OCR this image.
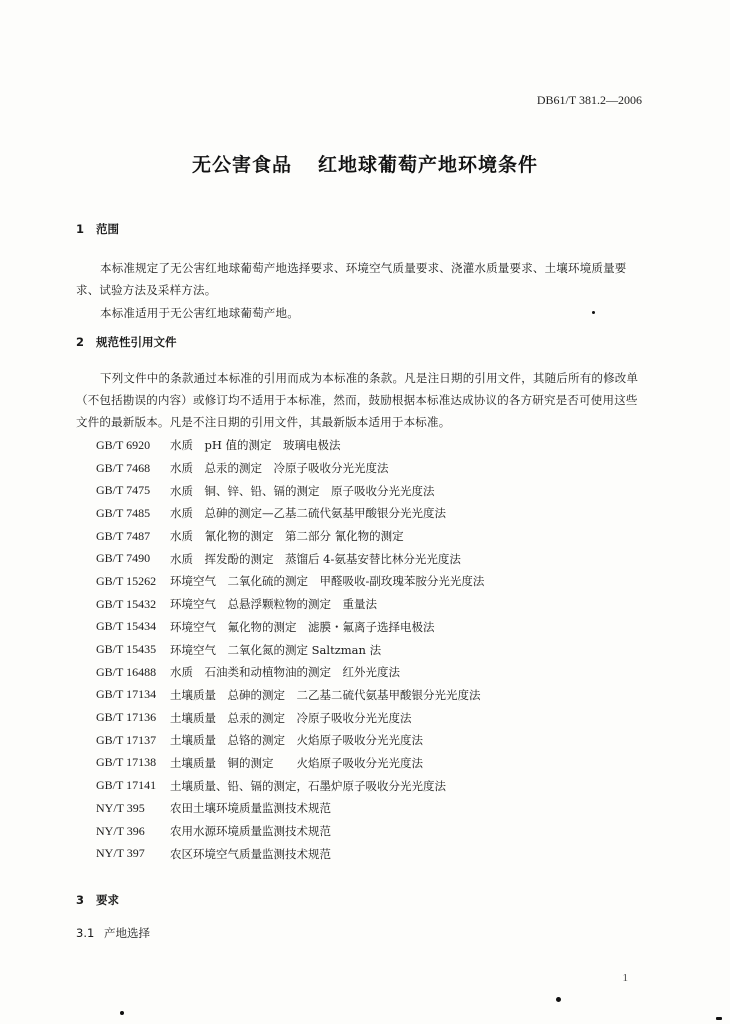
DB61/T 381.2—2006
无公害食品 红地球葡萄产地环境条件
1 范围
本标准规定了无公害红地球葡萄产地选择要求、环境空气质量要求、浇灌水质量要求、土壤环境质量要求、试验方法及采样方法。
本标准适用于无公害红地球葡萄产地。
2 规范性引用文件
下列文件中的条款通过本标准的引用而成为本标准的条款。凡是注日期的引用文件，其随后所有的修改单（不包括勘误的内容）或修订均不适用于本标准，然而，鼓励根据本标准达成协议的各方研究是否可使用这些文件的最新版本。凡是不注日期的引用文件，其最新版本适用于本标准。
GB/T 6920	水质　pH 值的测定　玻璃电极法
GB/T 7468	水质　总汞的测定　冷原子吸收分光光度法
GB/T 7475	水质　铜、锌、铅、镉的测定　原子吸收分光光度法
GB/T 7485	水质　总砷的测定—乙基二硫代氨基甲酸银分光光度法
GB/T 7487	水质　氰化物的测定　第二部分 氰化物的测定
GB/T 7490	水质　挥发酚的测定　蒸馏后 4-氨基安替比林分光光度法
GB/T 15262	环境空气　二氧化硫的测定　甲醛吸收-副玫瑰苯胺分光光度法
GB/T 15432	环境空气　总悬浮颗粒物的测定　重量法
GB/T 15434	环境空气　氟化物的测定　滤膜・氟离子选择电极法
GB/T 15435	环境空气　二氧化氮的测定 Saltzman 法
GB/T 16488	水质　石油类和动植物油的测定　红外光度法
GB/T 17134	土壤质量　总砷的测定　二乙基二硫代氨基甲酸银分光光度法
GB/T 17136	土壤质量　总汞的测定　冷原子吸收分光光度法
GB/T 17137	土壤质量　总铬的测定　火焰原子吸收分光光度法
GB/T 17138	土壤质量　铜的测定　　火焰原子吸收分光光度法
GB/T 17141	土壤质量、铅、镉的测定，石墨炉原子吸收分光光度法
NY/T 395	农田土壤环境质量监测技术规范
NY/T 396	农用水源环境质量监测技术规范
NY/T 397	农区环境空气质量监测技术规范
3 要求
3.1 产地选择
1
